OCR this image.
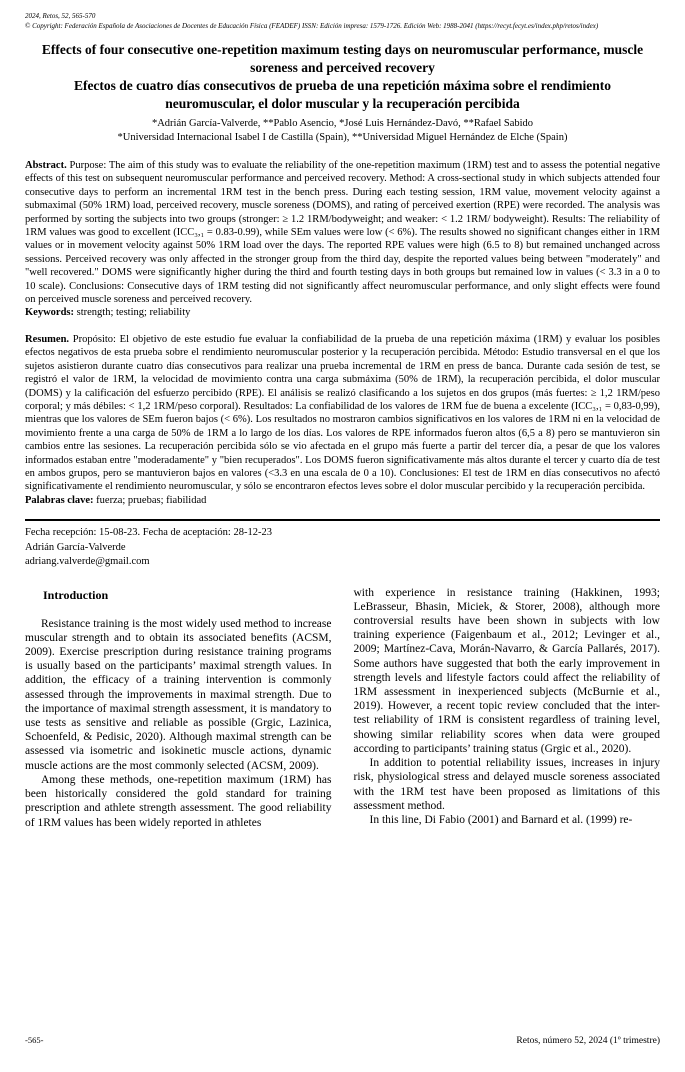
2024, Retos, 52, 565-570
© Copyright: Federación Española de Asociaciones de Docentes de Educación Física (FEADEF) ISSN: Edición impresa: 1579-1726. Edición Web: 1988-2041 (https://recyt.fecyt.es/index.php/retos/index)
Effects of four consecutive one-repetition maximum testing days on neuromuscular performance, muscle soreness and perceived recovery
Efectos de cuatro días consecutivos de prueba de una repetición máxima sobre el rendimiento neuromuscular, el dolor muscular y la recuperación percibida
*Adrián García-Valverde, **Pablo Asencio, *José Luis Hernández-Davó, **Rafael Sabido
*Universidad Internacional Isabel I de Castilla (Spain), **Universidad Miguel Hernández de Elche (Spain)

Abstract. Purpose: The aim of this study was to evaluate the reliability of the one-repetition maximum (1RM) test and to assess the potential negative effects of this test on subsequent neuromuscular performance and perceived recovery. Method: A cross-sectional study in which subjects attended four consecutive days to perform an incremental 1RM test in the bench press. During each testing session, 1RM value, movement velocity against a submaximal (50% 1RM) load, perceived recovery, muscle soreness (DOMS), and rating of perceived exertion (RPE) were recorded. The analysis was performed by sorting the subjects into two groups (stronger: ≥ 1.2 1RM/bodyweight; and weaker: < 1.2 1RM/ bodyweight). Results: The reliability of 1RM values was good to excellent (ICC₃,₁ = 0.83-0.99), while SEm values were low (< 6%). The results showed no significant changes either in 1RM values or in movement velocity against 50% 1RM load over the days. The reported RPE values were high (6.5 to 8) but remained unchanged across sessions. Perceived recovery was only affected in the stronger group from the third day, despite the reported values being between "moderately" and "well recovered." DOMS were significantly higher during the third and fourth testing days in both groups but remained low in values (< 3.3 in a 0 to 10 scale). Conclusions: Consecutive days of 1RM testing did not significantly affect neuromuscular performance, and only slight effects were found on perceived muscle soreness and perceived recovery.

Keywords: strength; testing; reliability

Resumen. Propósito: El objetivo de este estudio fue evaluar la confiabilidad de la prueba de una repetición máxima (1RM) y evaluar los posibles efectos negativos de esta prueba sobre el rendimiento neuromuscular posterior y la recuperación percibida. Método: Estudio transversal en el que los sujetos asistieron durante cuatro días consecutivos para realizar una prueba incremental de 1RM en press de banca. Durante cada sesión de test, se registró el valor de 1RM, la velocidad de movimiento contra una carga submáxima (50% de 1RM), la recuperación percibida, el dolor muscular (DOMS) y la calificación del esfuerzo percibido (RPE). El análisis se realizó clasificando a los sujetos en dos grupos (más fuertes: ≥ 1,2 1RM/peso corporal; y más débiles: < 1,2 1RM/peso corporal). Resultados: La confiabilidad de los valores de 1RM fue de buena a excelente (ICC₃,₁ = 0,83-0,99), mientras que los valores de SEm fueron bajos (< 6%). Los resultados no mostraron cambios significativos en los valores de 1RM ni en la velocidad de movimiento frente a una carga de 50% de 1RM a lo largo de los días. Los valores de RPE informados fueron altos (6,5 a 8) pero se mantuvieron sin cambios entre las sesiones. La recuperación percibida sólo se vio afectada en el grupo más fuerte a partir del tercer día, a pesar de que los valores informados estaban entre "moderadamente" y "bien recuperados". Los DOMS fueron significativamente más altos durante el tercer y cuarto día de test en ambos grupos, pero se mantuvieron bajos en valores (<3.3 en una escala de 0 a 10). Conclusiones: El test de 1RM en días consecutivos no afectó significativamente el rendimiento neuromuscular, y sólo se encontraron efectos leves sobre el dolor muscular percibido y la recuperación percibida.

Palabras clave: fuerza; pruebas; fiabilidad

Fecha recepción: 15-08-23. Fecha de aceptación: 28-12-23
Adrián García-Valverde
adriang.valverde@gmail.com
Introduction

Resistance training is the most widely used method to increase muscular strength and to obtain its associated benefits (ACSM, 2009). Exercise prescription during resistance training programs is usually based on the participants’ maximal strength values. In addition, the efficacy of a training intervention is commonly assessed through the improvements in maximal strength. Due to the importance of maximal strength assessment, it is mandatory to use tests as sensitive and reliable as possible (Grgic, Lazinica, Schoenfeld, & Pedisic, 2020). Although maximal strength can be assessed via isometric and isokinetic muscle actions, dynamic muscle actions are the most commonly selected (ACSM, 2009).

Among these methods, one-repetition maximum (1RM) has been historically considered the gold standard for training prescription and athlete strength assessment. The good reliability of 1RM values has been widely reported in athletes

with experience in resistance training (Hakkinen, 1993; LeBrasseur, Bhasin, Miciek, & Storer, 2008), although more controversial results have been shown in subjects with low training experience (Faigenbaum et al., 2012; Levinger et al., 2009; Martínez-Cava, Morán-Navarro, & García Pallarés, 2017). Some authors have suggested that both the early improvement in strength levels and lifestyle factors could affect the reliability of 1RM assessment in inexperienced subjects (McBurnie et al., 2019). However, a recent topic review concluded that the inter-test reliability of 1RM is consistent regardless of training level, showing similar reliability scores when data were grouped according to participants’ training status (Grgic et al., 2020).

In addition to potential reliability issues, increases in injury risk, physiological stress and delayed muscle soreness associated with the 1RM test have been proposed as limitations of this assessment method.

In this line, Di Fabio (2001) and Barnard et al. (1999) re-

-565-	Retos, número 52, 2024 (1º trimestre)
